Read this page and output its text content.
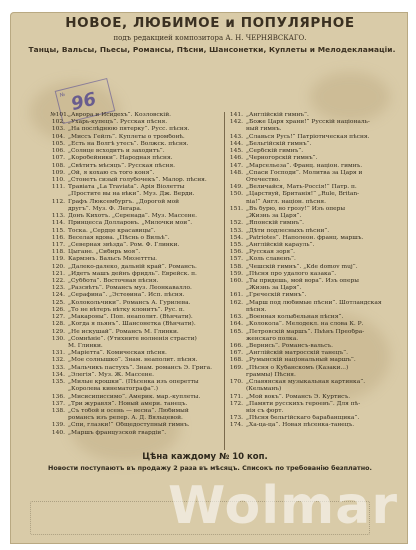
НОВОЕ, ЛЮБИМОЕ и ПОПУЛЯРНОЕ
подъ редакцией композитора А. Н. ЧЕРНЯВСКАГО.
Танцы, Вальсы, Пьесы, Романсы, Пѣсни, Шансонетки, Куплеты и Мелодекламаціи.
№ 96
№101.„Аврора и Исидехъ“. Козловскій.
102. „Ухарь-купецъ“. Русская пѣсня.
103. „На послѣднюю пятерку“. Русс. пѣсня.
104. „Мисcъ Гейлъ“. Куплеты о тромбонѣ.
105. „Есть на Волгѣ утесъ“. Волжск. пѣсня.
106. „Солнце всходитъ и заходитъ“.
107. „Коробейники“. Народная пѣсня.
108. „Свѣтитъ мѣсяцъ“. Русская пѣсня.
109. „Ой, я кохаю съ того коня“.
110. „Стонетъ сизый голубочекъ“. Малор. пѣсня.
111. Травіата „La Traviata“. Арія Віолетты
„Простите вы на вѣки“. Муз. Дж. Верди.
112. Графъ Люксембургъ. „Дорогой мой
другъ“. Муз. Ф. Легара.
113. Донъ Кихотъ. „Серенада“. Муз. Массене.
114. Принцесса Долларовъ. „Милочки мои“.
115. Тоска. „Сердце красавицы“.
116. Веселая вдова. „Пѣснь о Вильѣ“.
117. „Северная звѣзда“. Ром. Ф. Глинки.
118. Цыгане. „Сибирь моя“.
119. Кармэнъ. Вальсъ Мюзеттты.
120. „Далеко-далеко, дальній край“. Романсъ.
121. „Идетъ машъ дейнъ фридль“. Еврейск. п.
122. „Суббота“. Восточная пѣсня.
123. „Разсвѣтъ“. Романсъ муз. Леонкавалло.
124. „Серафина“. „Эстеѳина“. Исп. пѣсня.
125. „Колокольчики“. Романсъ А. Гурилева.
126. „То не вѣтеръ вѣтку клонитъ“. Рус. п.
127. „Макароны“. Поп. неаполит. (Вѣнчати).
128. „Когда я пьянъ“. Шансонетка (Вѣнчати).
129. „Не искушай“. Романсъ М. Глинки.
130. „Сомнѣніе“. (Утихните волненія страсти)
М. Глинки.
131. „Маріетта“. Комическая пѣсня.
132. „Мое солнышко“. Знам. неаполит. пѣсня.
133. „Мальчикъ пастухъ“. Знам. романсъ Э. Грига.
134. „Элегія“. Муз. Ж. Массене.
135. „Милые крошки“. (Пѣсенка изъ оперетты
„Королева кинематографа“.)
136. „Мисисиписсимо“. Америк. мар.-куплеты.
137. „Три журавля“. Новый амери. танецъ.
138. „Съ тобой и осень — весна“. Любимый
романсъ изъ репер. А. Д. Вяльцевой.
139. „Спи, глазки!“ Общедоступный гимнъ.
140. „Маршъ французской гвардіи“.
141. „Англійскій гимнъ“.
142. „Боже Царя храни!“ Русскій національ-
ный гимнъ.
143. „Славься Русь!“ Патріотическая пѣсня.
144. „Бельгійскій гимнъ“.
145. „Сербскій гимнъ“.
146. „Черногорскій гимнъ“.
147. „Марсельеза“. Франц. націон. гимнъ.
148. „Спаси Господи“. Молитва за Царя и
Отечество.
149. „Величайся, Мать-Россія!“ Патр. п.
150. „Царствуй, Британія!“ „Rule, Britan-
nia!“ Англ. націон. пѣсня.
151. „Въ бурю, во грозу!“ Изъ оперы
„Жизнь за Царя“.
152. „Японскій гимнъ“.
153. „Дѣти подлесныхъ пѣсни“.
154. „Patriotes“. Наполеон. франц. маршъ.
155. „Англійскій карауль“.
156. „Русская зоря“.
157. „Коль славенъ“.
158. „Чешскій гимнъ“. „Kde domov muj“.
159. „Пѣсня про удалого казака“.
160. „Ты придешь, мой вора“. Изъ оперы
„Жизнь за Царя“.
161. „Греческій гимнъ“.
162. „Марш под любимые пѣсни“. Шотландская
пѣсня.
163. „Военная колыбельная пѣсня“.
164. „Колокола“. Мелодекл. на слова К. Р.
165. „Петровскій маршъ“. Пьѣнъ Преобра-
женскаго полка.
166. „Вернись“. Романсъ-вальсъ.
167. „Англійскій матросскій танецъ“.
168. „Румынскій національный маршъ“.
169. „Пѣсня о Кубанскомъ (Казаки...)
граммы) Пѣсня.
170. „Славянская музыкальная картинка“.
(Кельманъ)
171. „Мой вокъ“. Романсъ Э. Куртисъ.
172. „Памяти русскихъ героевъ“. Для пѣ-
нія съ форт.
173. „Пѣсня бельгійскаго барабанщика“.
174. „Ха-ца-ца“. Новая пѣсенка-танецъ.
Цѣна каждому № 10 коп.
Новости поступаютъ въ продажу 2 раза въ мѣсяцъ. Списокъ по требованію безплатно.
Wolmar
